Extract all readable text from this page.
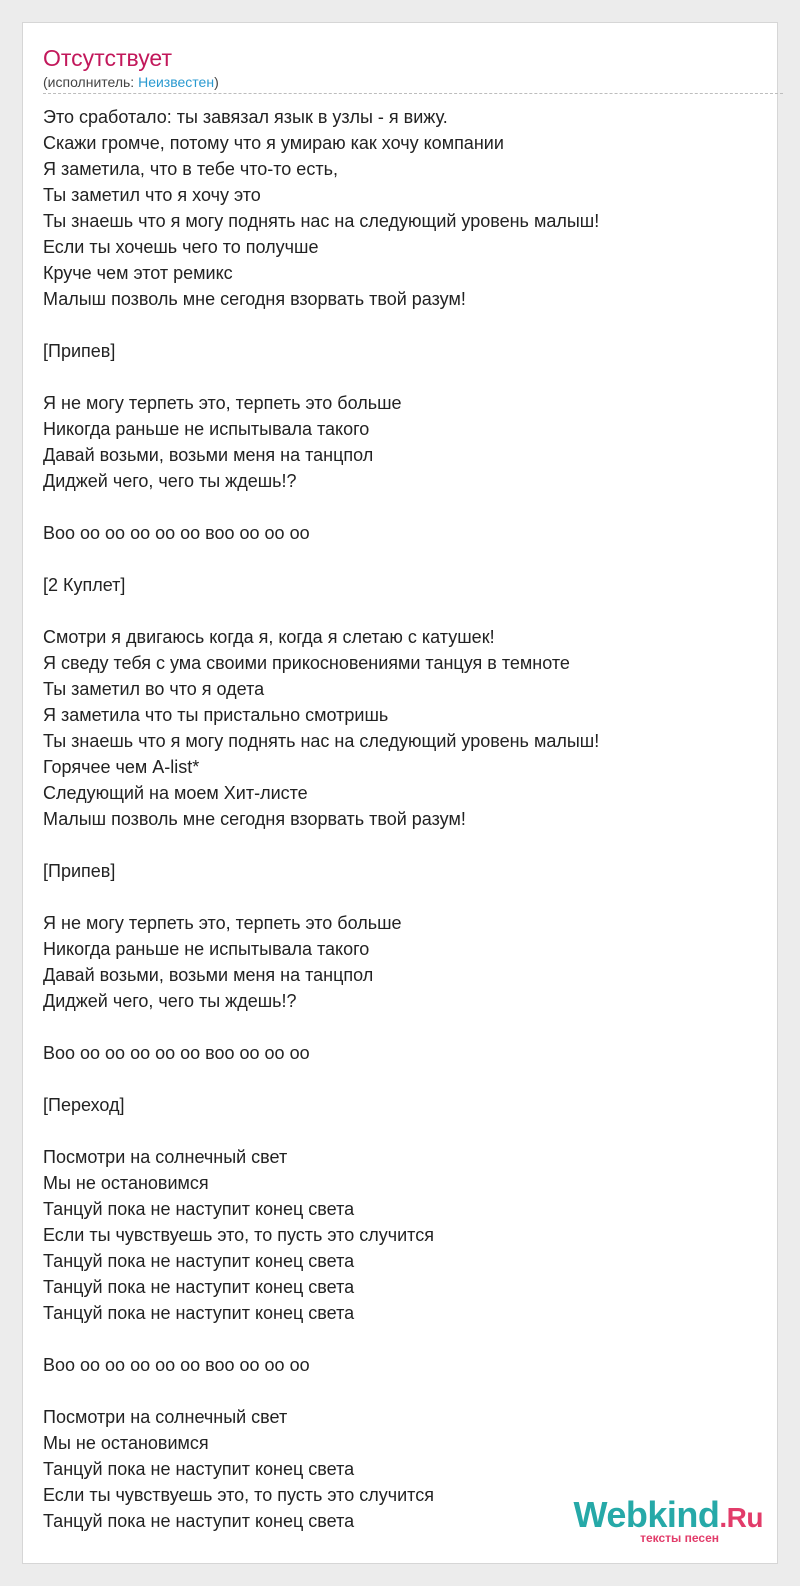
Отсутствует
(исполнитель: Неизвестен)
Это сработало: ты завязал язык в узлы - я вижу.
Скажи громче, потому что я умираю как хочу компании
Я заметила, что в тебе что-то есть,
Ты заметил что я хочу это
Ты знаешь что я могу поднять нас на следующий уровень малыш!
Если ты хочешь чего то получше
Круче чем этот ремикс
Малыш позволь мне сегодня взорвать твой разум!
[Припев]
Я не могу терпеть это, терпеть это больше
Никогда раньше не испытывала такого
Давай возьми, возьми меня на танцпол
Диджей чего, чего ты ждешь!?
Воо оо оо оо оо оо воо оо оо оо
[2 Куплет]
Смотри я двигаюсь когда я, когда я слетаю с катушек!
Я сведу тебя с ума своими прикосновениями танцуя в темноте
Ты заметил во что я одета
Я заметила что ты пристально смотришь
Ты знаешь что я могу поднять нас на следующий уровень малыш!
Горячее чем A-list*
Следующий на моем Хит-листе
Малыш позволь мне сегодня взорвать твой разум!
[Припев]
Я не могу терпеть это, терпеть это больше
Никогда раньше не испытывала такого
Давай возьми, возьми меня на танцпол
Диджей чего, чего ты ждешь!?
Воо оо оо оо оо оо воо оо оо оо
[Переход]
Посмотри на солнечный свет
Мы не остановимся
Танцуй пока не наступит конец света
Если ты чувствуешь это, то пусть это случится
Танцуй пока не наступит конец света
Танцуй пока не наступит конец света
Танцуй пока не наступит конец света
Воо оо оо оо оо оо воо оо оо оо
Посмотри на солнечный свет
Мы не остановимся
Танцуй пока не наступит конец света
Если ты чувствуешь это, то пусть это случится
Танцуй пока не наступит конец света	Webkind.Ru
тексты песен
